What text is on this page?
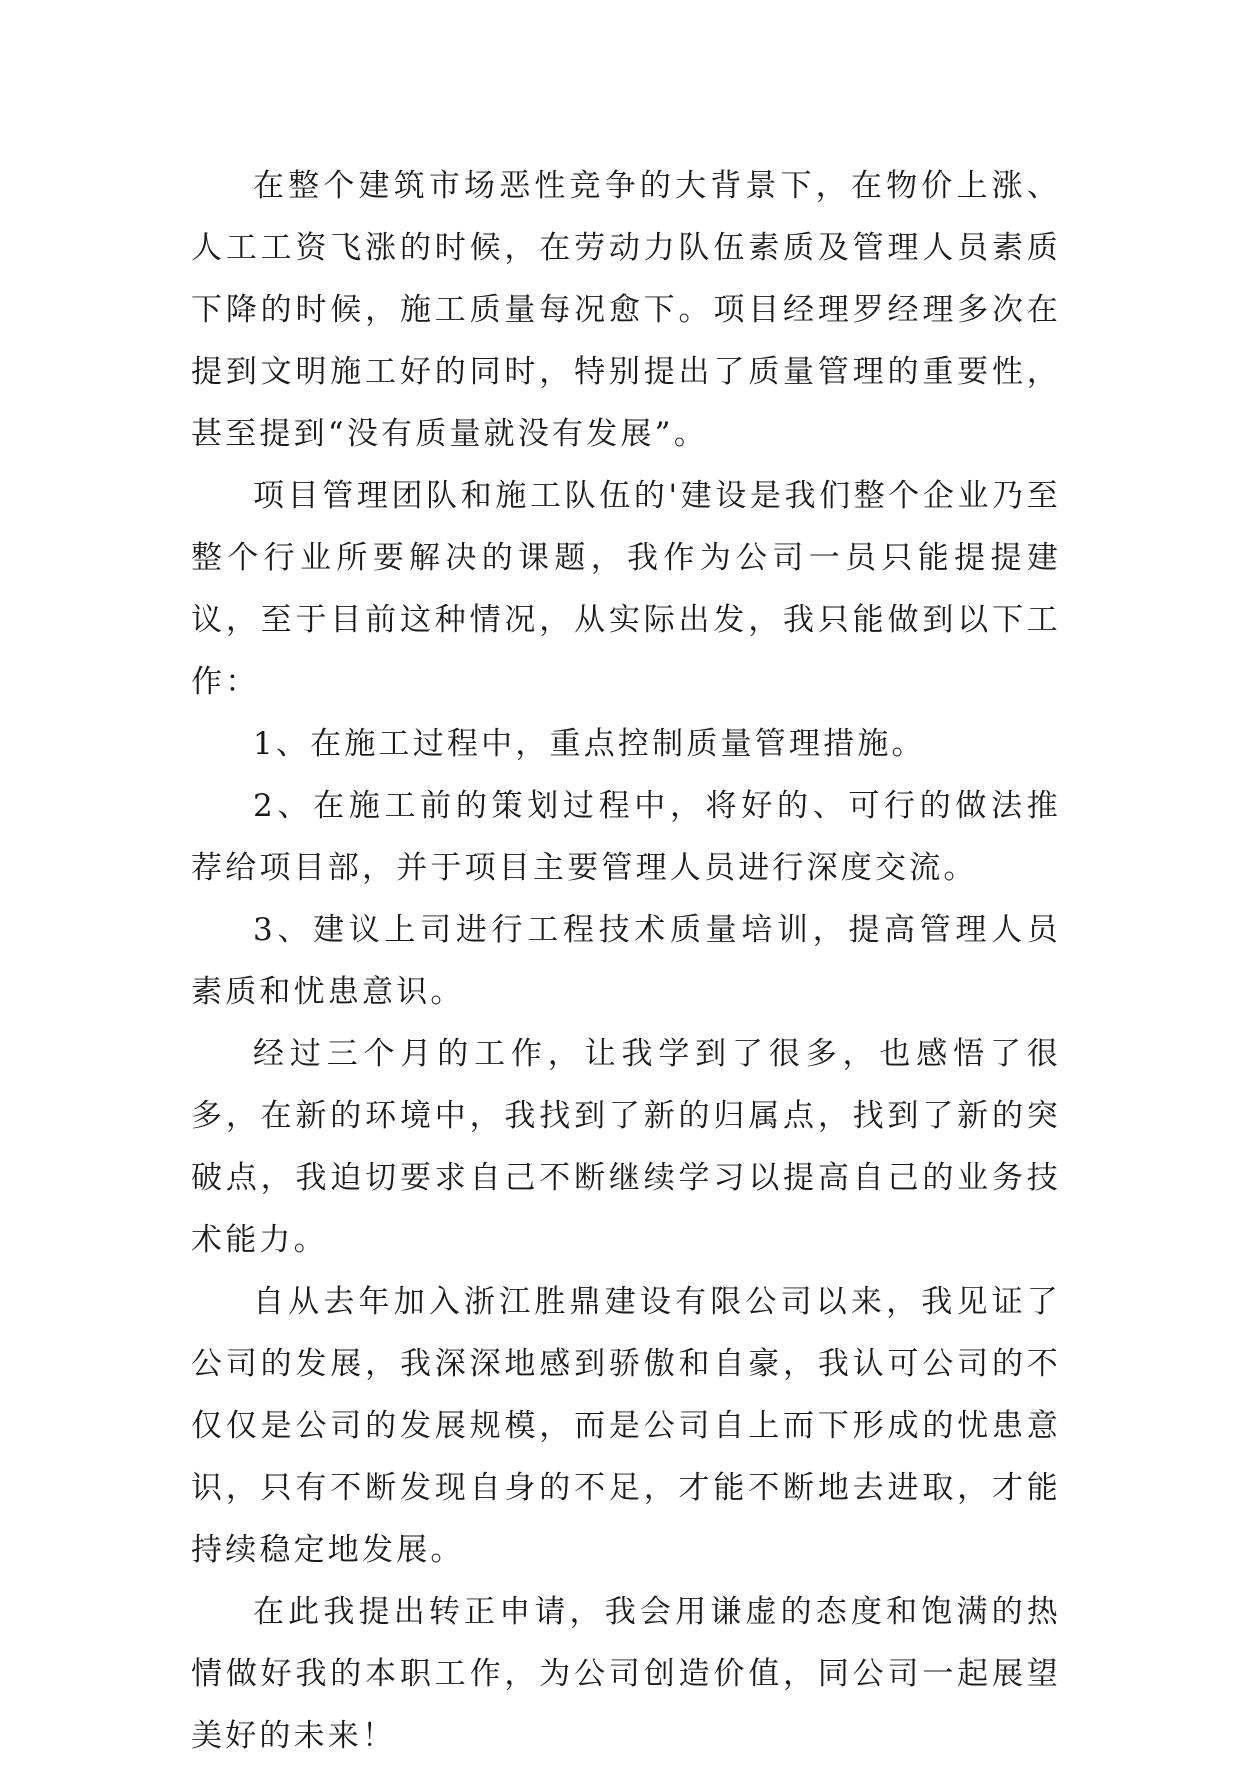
在整个建筑市场恶性竞争的大背景下，在物价上涨、人工工资飞涨的时候，在劳动力队伍素质及管理人员素质下降的时候，施工质量每况愈下。项目经理罗经理多次在提到文明施工好的同时，特别提出了质量管理的重要性，甚至提到“没有质量就没有发展”。

项目管理团队和施工队伍的'建设是我们整个企业乃至整个行业所要解决的课题，我作为公司一员只能提提建议，至于目前这种情况，从实际出发，我只能做到以下工作：

1、在施工过程中，重点控制质量管理措施。

2、在施工前的策划过程中，将好的、可行的做法推荐给项目部，并于项目主要管理人员进行深度交流。

3、建议上司进行工程技术质量培训，提高管理人员素质和忧患意识。

经过三个月的工作，让我学到了很多，也感悟了很多，在新的环境中，我找到了新的归属点，找到了新的突破点，我迫切要求自己不断继续学习以提高自己的业务技术能力。

自从去年加入浙江胜鼎建设有限公司以来，我见证了公司的发展，我深深地感到骄傲和自豪，我认可公司的不仅仅是公司的发展规模，而是公司自上而下形成的忧患意识，只有不断发现自身的不足，才能不断地去进取，才能持续稳定地发展。

在此我提出转正申请，我会用谦虚的态度和饱满的热情做好我的本职工作，为公司创造价值，同公司一起展望美好的未来！
